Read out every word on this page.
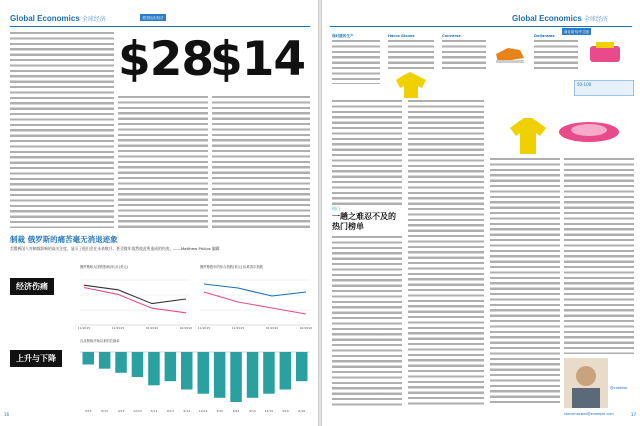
Global Economics 全球经济	美国经济/经济
$28
$14
制裁 俄罗斯的痛苦毫无消退迹象
美俄两国人对制裁影响的高关注度，显示了他们会在未来数月、甚至数年依然彼此所造成的伤害。——Matthew Philips 编辑
经济伤痛
上升与下降
俄罗斯和大国的影响(年)月(美元)
11/2015	12/2015	01/2016	02/2016
俄罗斯股市的综合指数(美元) 标准普尔指数
11/2015	12/2015	01/2016	02/2016
自从制裁开始以来的兑换率
3/13	6/13	9/13	12/13	3/14	6/14	9/14	12/14	3/15	6/15	9/15	12/15	3/16	6/16
16
Global Economics 全球经济
商业周刊/中文版
保时捷的生产	Harco Gloves	Converse	Dollarama
50-100
一趟之难忍不及的热门榜单
热门
@creditor
stevemaxwell@example.com	17
